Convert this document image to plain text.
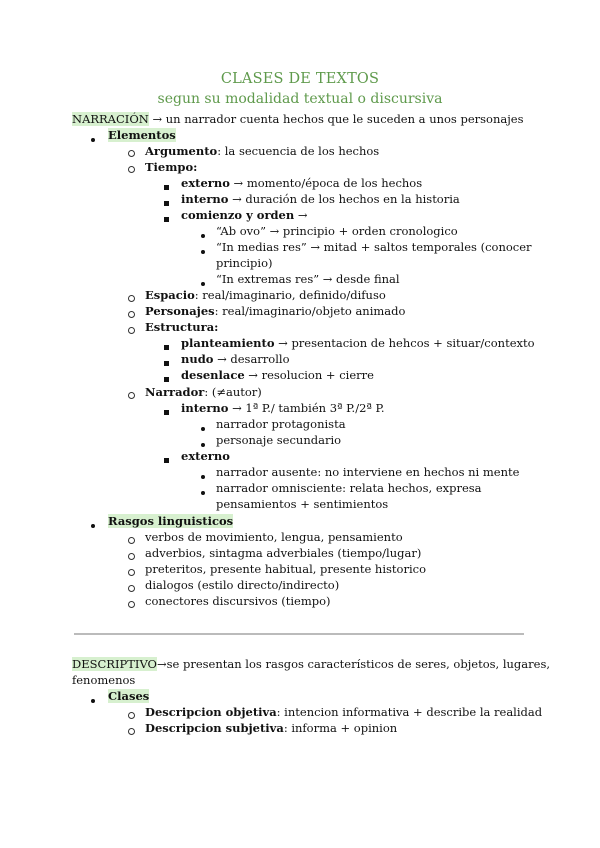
CLASES DE TEXTOS
segun su modalidad textual o discursiva
NARRACIÓN → un narrador cuenta hechos que le suceden a unos personajes
Elementos
Argumento: la secuencia de los hechos
Tiempo:
externo → momento/época de los hechos
interno → duración de los hechos en la historia
comienzo y orden →
“Ab ovo” → principio + orden cronologico
“In medias res” → mitad + saltos temporales (conocer
principio)
“In extremas res” → desde final
Espacio: real/imaginario, definido/difuso
Personajes: real/imaginario/objeto animado
Estructura:
planteamiento → presentacion de hehcos + situar/contexto
nudo → desarrollo
desenlace → resolucion + cierre
Narrador: (≠autor)
interno → 1ª P./ también 3ª P./2ª P.
narrador protagonista
personaje secundario
externo
narrador ausente: no interviene en hechos ni mente
narrador omnisciente: relata hechos, expresa
pensamientos + sentimientos
Rasgos linguisticos
verbos de movimiento, lengua, pensamiento
adverbios, sintagma adverbiales (tiempo/lugar)
preteritos, presente habitual, presente historico
dialogos (estilo directo/indirecto)
conectores discursivos (tiempo)
DESCRIPTIVO→se presentan los rasgos característicos de seres, objetos, lugares,
fenomenos
Clases
Descripcion objetiva: intencion informativa + describe la realidad
Descripcion subjetiva: informa + opinion
